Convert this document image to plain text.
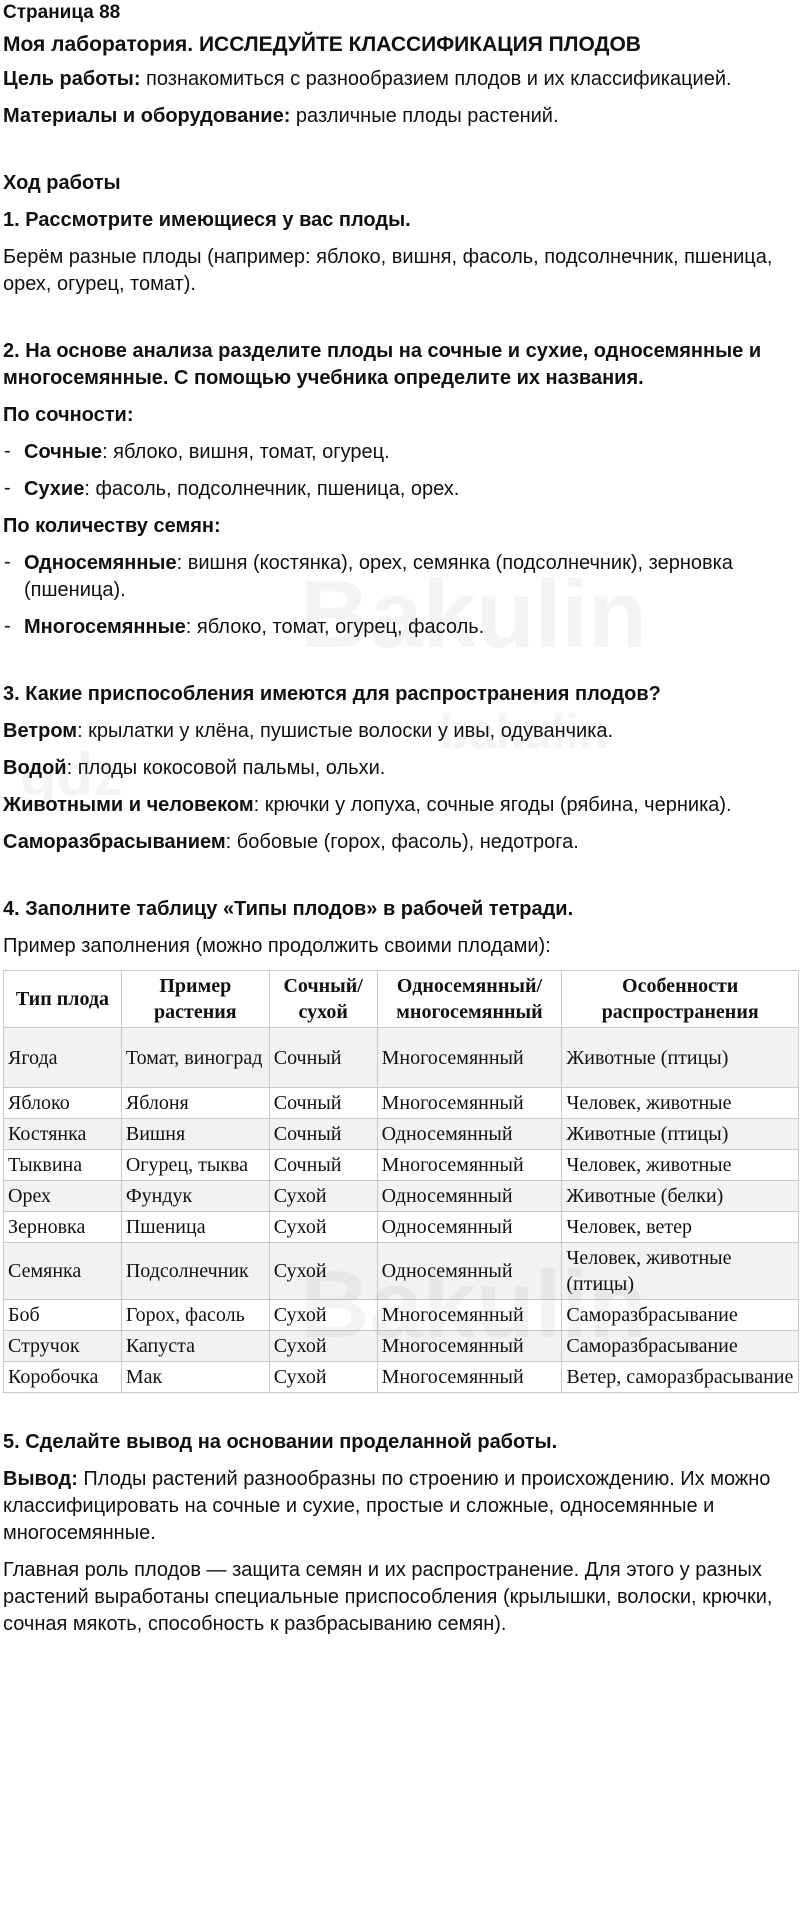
Страница 88
Моя лаборатория. ИССЛЕДУЙТЕ КЛАССИФИКАЦИЯ ПЛОДОВ

Цель работы: познакомиться с разнообразием плодов и их классификацией.

Материалы и оборудование: различные плоды растений.

Ход работы
1. Рассмотрите имеющиеся у вас плоды.

Берём разные плоды (например: яблоко, вишня, фасоль, подсолнечник, пшеница, орех, огурец, томат).

2. На основе анализа разделите плоды на сочные и сухие, односемянные и многосемянные. С помощью учебника определите их названия.
По сочности:
- Сочные: яблоко, вишня, томат, огурец.
- Сухие: фасоль, подсолнечник, пшеница, орех.
По количеству семян:
- Односемянные: вишня (костянка), орех, семянка (подсолнечник), зерновка (пшеница).
- Многосемянные: яблоко, томат, огурец, фасоль.
3. Какие приспособления имеются для распространения плодов?

Ветром: крылатки у клёна, пушистые волоски у ивы, одуванчика.

Водой: плоды кокосовой пальмы, ольхи.

Животными и человеком: крючки у лопуха, сочные ягоды (рябина, черника).

Саморазбрасыванием: бобовые (горох, фасоль), недотрога.

4. Заполните таблицу «Типы плодов» в рабочей тетради.

Пример заполнения (можно продолжить своими плодами):

Тип плода	Пример растения	Сочный/ сухой	Односемянный/ многосемянный	Особенности распространения
Ягода	Томат, виноград	Сочный	Многосемянный	Животные (птицы)
Яблоко	Яблоня	Сочный	Многосемянный	Человек, животные
Костянка	Вишня	Сочный	Односемянный	Животные (птицы)
Тыквина	Огурец, тыква	Сочный	Многосемянный	Человек, животные
Орех	Фундук	Сухой	Односемянный	Животные (белки)
Зерновка	Пшеница	Сухой	Односемянный	Человек, ветер
Семянка	Подсолнечник	Сухой	Односемянный	Человек, животные (птицы)
Боб	Горох, фасоль	Сухой	Многосемянный	Саморазбрасывание
Стручок	Капуста	Сухой	Многосемянный	Саморазбрасывание
Коробочка	Мак	Сухой	Многосемянный	Ветер, саморазбрасывание
5. Сделайте вывод на основании проделанной работы.

Вывод: Плоды растений разнообразны по строению и происхождению. Их можно классифицировать на сочные и сухие, простые и сложные, односемянные и многосемянные.

Главная роль плодов — защита семян и их распространение. Для этого у разных растений выработаны специальные приспособления (крылышки, волоски, крючки, сочная мякоть, способность к разбрасыванию семян).
